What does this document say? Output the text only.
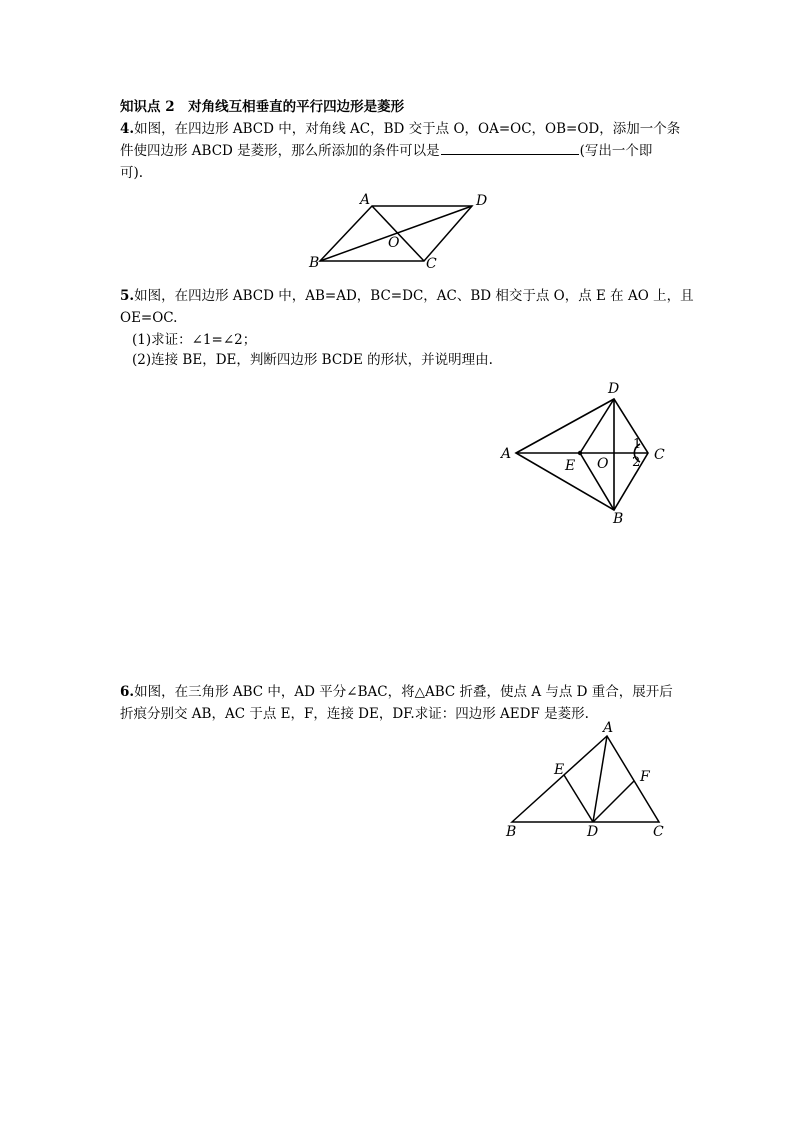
知识点 2　对角线互相垂直的平行四边形是菱形
4.如图，在四边形 ABCD 中，对角线 AC，BD 交于点 O，OA=OC，OB=OD，添加一个条
件使四边形 ABCD 是菱形，那么所添加的条件可以是	(写出一个即
可).
A	D
B	C
O
5.如图，在四边形 ABCD 中，AB=AD，BC=DC，AC、BD 相交于点 O，点 E 在 AO 上，且
OE=OC.
(1)求证：∠1=∠2；
(2)连接 BE，DE，判断四边形 BCDE 的形状，并说明理由.
A
D
C
B
E O
1
2
6.如图，在三角形 ABC 中，AD 平分∠BAC，将△ABC 折叠，使点 A 与点 D 重合，展开后
折痕分别交 AB，AC 于点 E，F，连接 DE，DF.求证：四边形 AEDF 是菱形.
A
E	F
B	D	C
